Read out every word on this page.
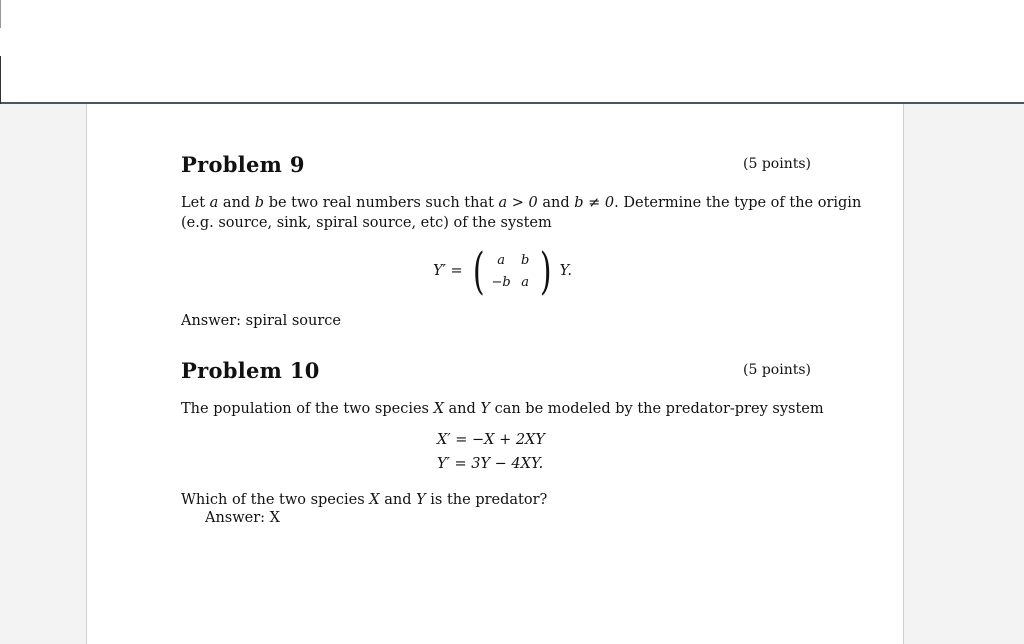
Problem 9	(5 points)
Let a and b be two real numbers such that a > 0 and b ≠ 0. Determine the type of the origin
(e.g. source, sink, spiral source, etc) of the system
Y′ = (	a	b
−b a ) Y.
Answer: spiral source
Problem 10	(5 points)
The population of the two species X and Y can be modeled by the predator-prey system
X′ = −X + 2XY
Y′ = 3Y − 4XY.
Which of the two species X and Y is the predator?
Answer: X
